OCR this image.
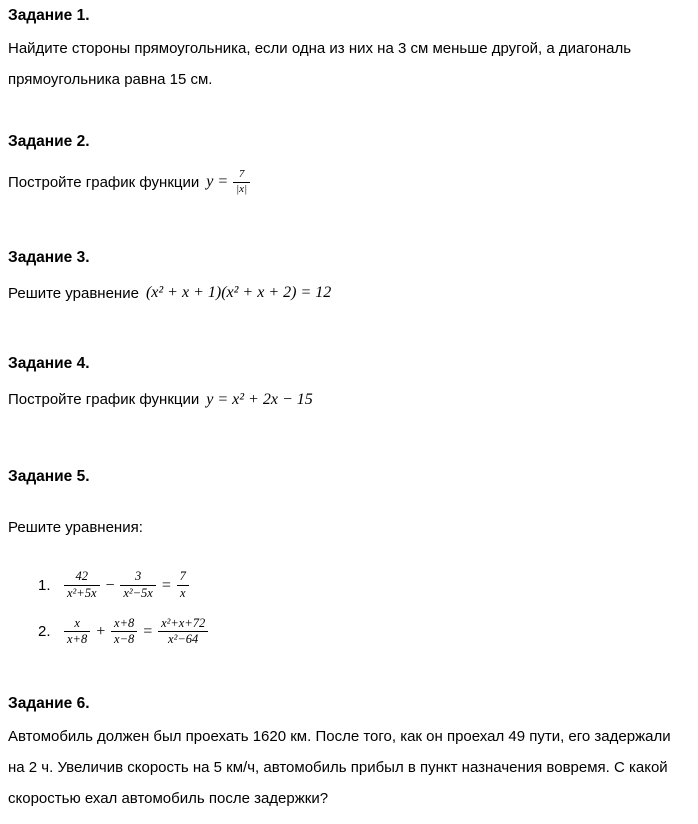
Задание 1.

Найдите стороны прямоугольника, если одна из них на 3 см меньше другой, а диагональ прямоугольника равна 15 см.

Задание 2.
Постройте график функции $y = \frac{7}{|x|}$
Задание 3.
Решите уравнение (x² + x + 1)(x² + x + 2) = 12
Задание 4.
Постройте график функции y = x² + 2x − 15
Задание 5.

Решите уравнения:

1. $\frac{42}{\text{x²+5x}} - \frac{3}{\text{x²−5x}} = \frac{7}{x}$
2. $\frac{x}{x+8} + \frac{x+8}{x-8} = \frac{\text{x²+x+72}}{\text{x²−64}}$
Задание 6.

Автомобиль должен был проехать 1620 км. После того, как он проехал 49 пути, его задержали на 2 ч. Увеличив скорость на 5 км/ч, автомобиль прибыл в пункт назначения вовремя. С какой скоростью ехал автомобиль после задержки?
